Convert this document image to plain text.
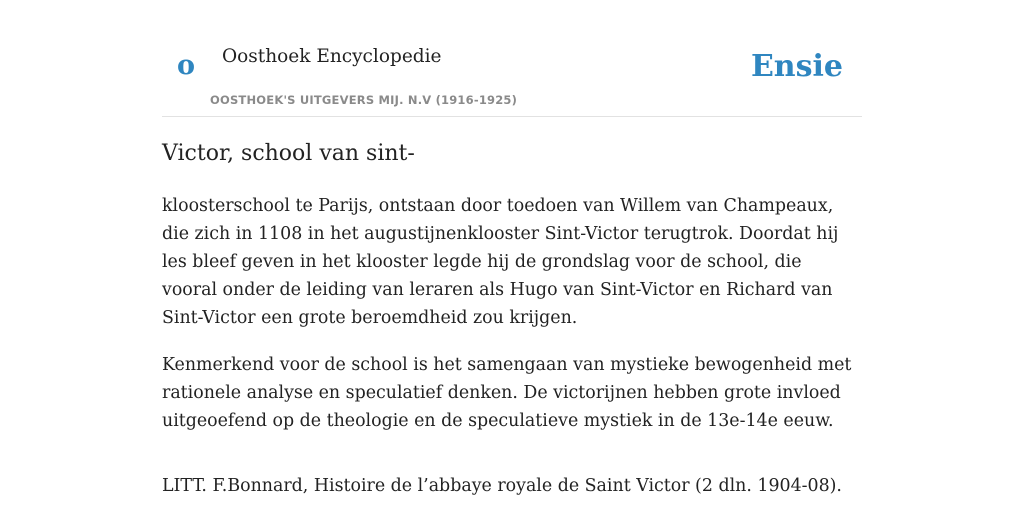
o Oosthoek Encyclopedie
OOSTHOEK'S UITGEVERS MIJ. N.V (1916-1925)
Ensie
Victor, school van sint-

kloosterschool te Parijs, ontstaan door toedoen van Willem van Champeaux, die zich in 1108 in het augustijnenklooster Sint-Victor terugtrok. Doordat hij les bleef geven in het klooster legde hij de grondslag voor de school, die vooral onder de leiding van leraren als Hugo van Sint-Victor en Richard van Sint-Victor een grote beroemdheid zou krijgen.

Kenmerkend voor de school is het samengaan van mystieke bewogenheid met rationele analyse en speculatief denken. De victorijnen hebben grote invloed uitgeoefend op de theologie en de speculatieve mystiek in de 13e-14e eeuw.

LITT. F.Bonnard, Histoire de l’abbaye royale de Saint Victor (2 dln. 1904-08).
